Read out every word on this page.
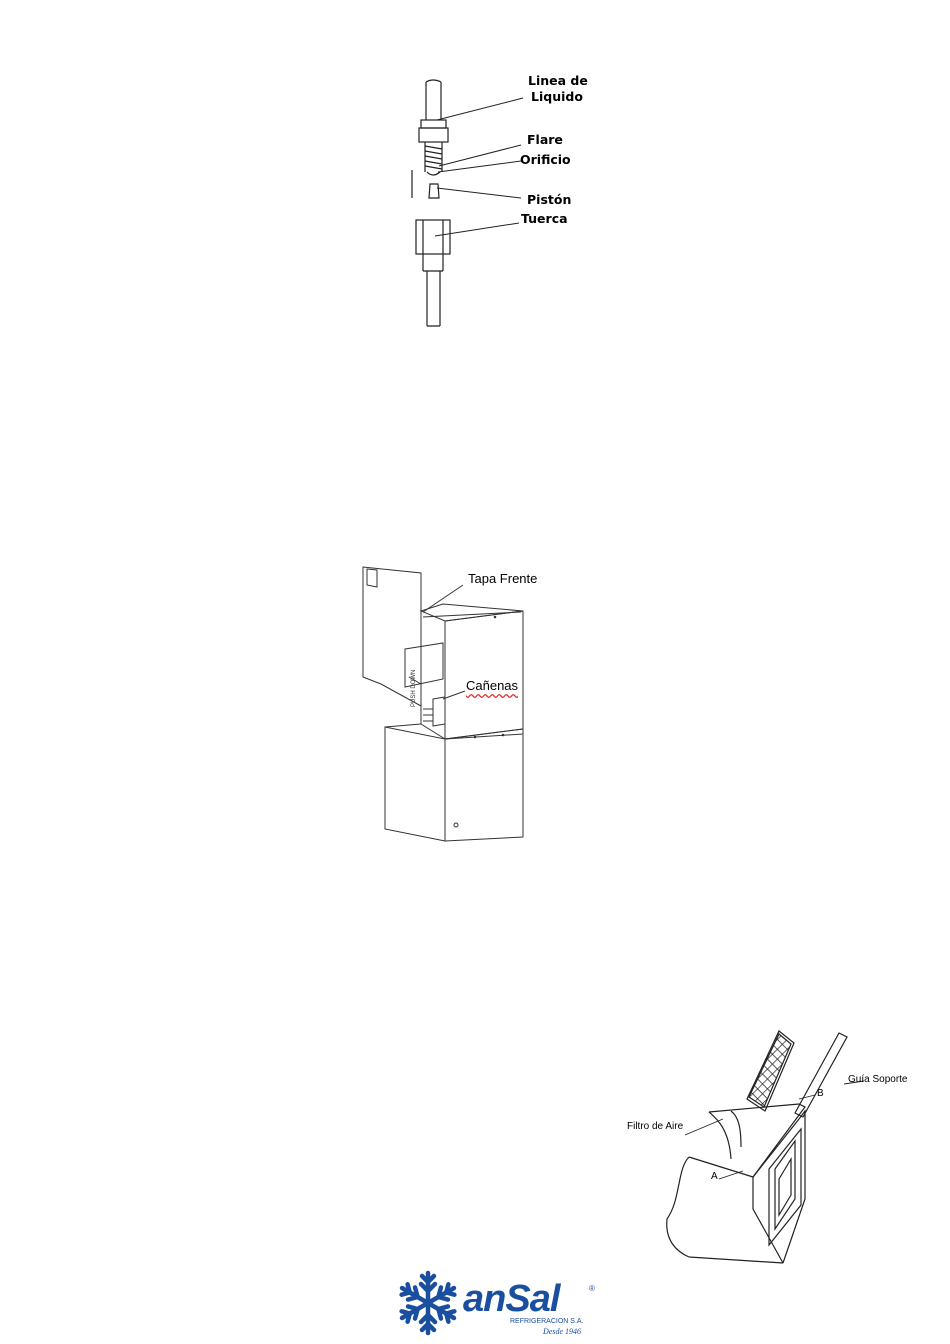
Linea de
Liquido
Flare
Orificio
Pistón
Tuerca
PUSH DOWN
Tapa Frente
Cañenas
Guía Soporte
B
Filtro de Aire
A
anSal	®
REFRIGERACION S.A.
Desde 1946
